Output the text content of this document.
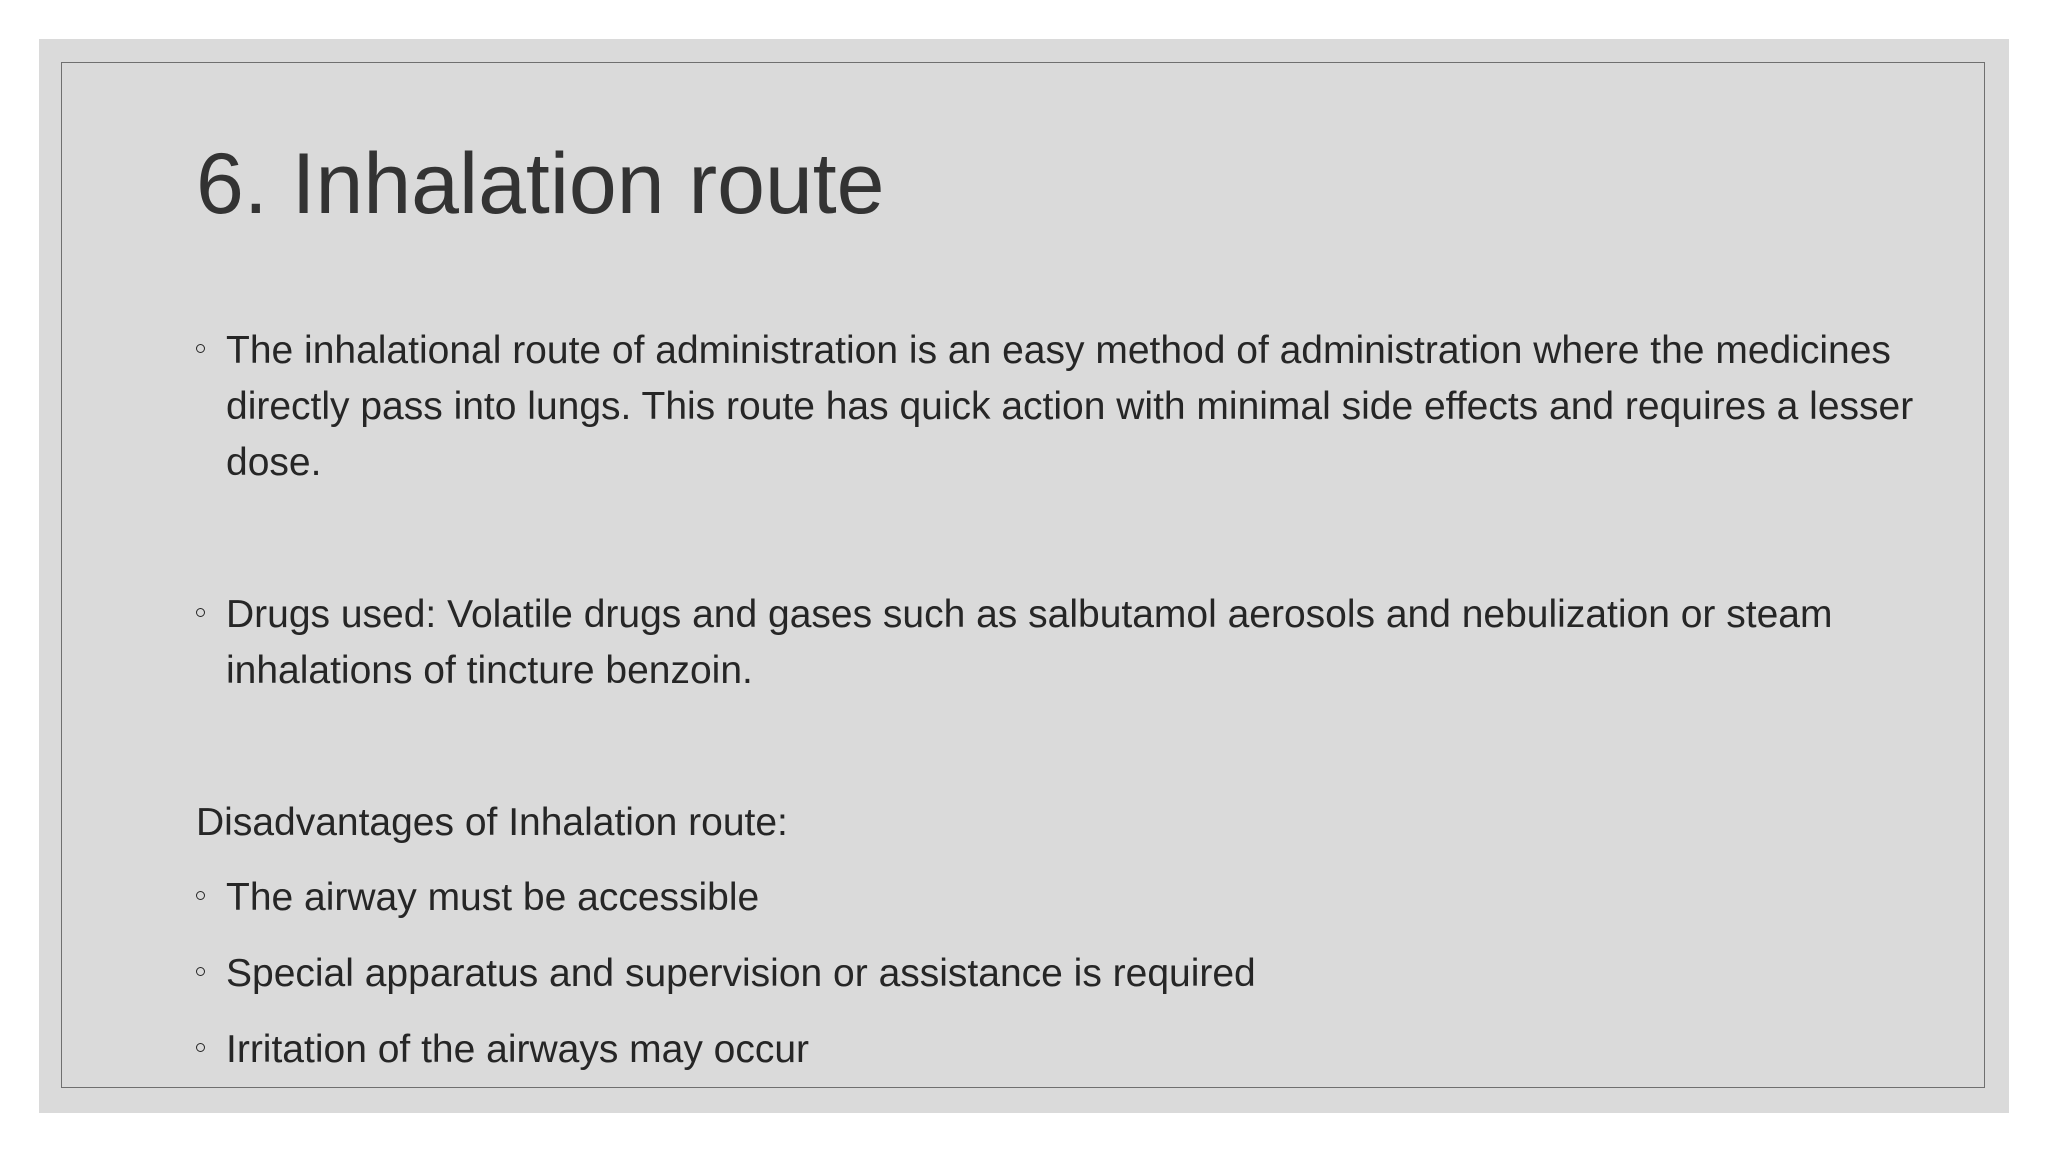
6. Inhalation route
The inhalational route of administration is an easy method of administration where the medicines directly pass into lungs. This route has quick action with minimal side effects and requires a lesser dose.
Drugs used: Volatile drugs and gases such as salbutamol aerosols and nebulization or steam inhalations of tincture benzoin.

Disadvantages of Inhalation route:

The airway must be accessible
Special apparatus and supervision or assistance is required
Irritation of the airways may occur
